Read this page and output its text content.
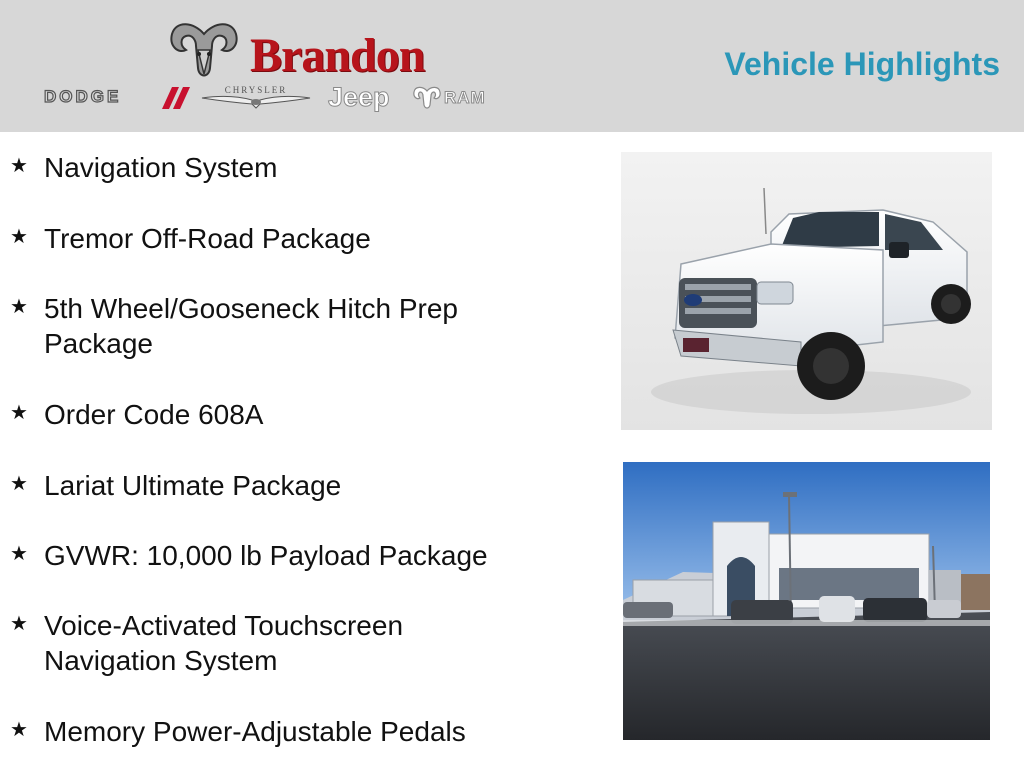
Brandon
DODGE	CHRYSLER	Jeep	RAM
Vehicle Highlights
★ Navigation System
★ Tremor Off-Road Package
★ 5th Wheel/Gooseneck Hitch Prep Package
★ Order Code 608A
★ Lariat Ultimate Package
★ GVWR: 10,000 lb Payload Package
★ Voice-Activated Touchscreen Navigation System
★ Memory Power-Adjustable Pedals
